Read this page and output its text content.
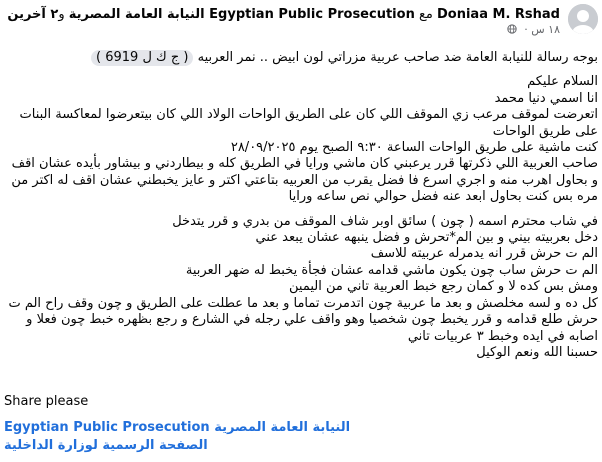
Doniaa M. Rshad مع Egyptian Public Prosecution النيابة العامة المصرية و٢ آخرين
١٨ س ·

بوجه رسالة للنيابة العامة ضد صاحب عربية مزراتي لون ابيض .. نمر العربيه ( ج ك ل 6919 )

السلام عليكم

انا اسمي دنيا محمد

اتعرضت لموقف مرعب زي الموقف اللي كان على الطريق الواحات الولاد اللي كان بيتعرضوا لمعاكسة البنات على طريق الواحات

كنت ماشية على طريق الواحات الساعة ٩:٣٠ الصبح يوم ٢٨/٠٩/٢٠٢٥

صاحب العربية اللي ذكرتها قرر يرعبني كان ماشي ورايا في الطريق كله و بيطاردني و بيشاور بأيده عشان اقف و بحاول اهرب منه و اجري اسرع فا فضل يقرب من العربيه بتاعتي اكتر و عايز يخبطني عشان اقف له اكتر من مره بس كنت بحاول ابعد عنه فضل حوالي نص ساعه ورايا

في شاب محترم اسمه ( چون ) سائق اوبر شاف الموقف من بدري و قرر يتدخل

دخل بعربيته بيني و بين الم*تحرش و فضل ينبهه عشان يبعد عني

الم ت حرش قرر انه يدمرله عربيته للاسف

الم ت حرش ساب چون يكون ماشي قدامه عشان فجأة يخبط له ضهر العربية

ومش بس كده لا و كمان رجع خبط العربية تاني من اليمين

كل ده و لسه مخلصش و بعد ما عربية چون اتدمرت تماما و بعد ما عطلت على الطريق و چون وقف راح الم ت حرش طلع قدامه و قرر يخبط چون شخصيا وهو واقف علي رجله في الشارع و رجع بظهره خبط چون فعلا و اصابه في ايده وخبط ٣ عربيات تاني

حسبنا الله ونعم الوكيل

Share please
Egyptian Public Prosecution النيابة العامة المصرية
الصفحة الرسمية لوزارة الداخلية
